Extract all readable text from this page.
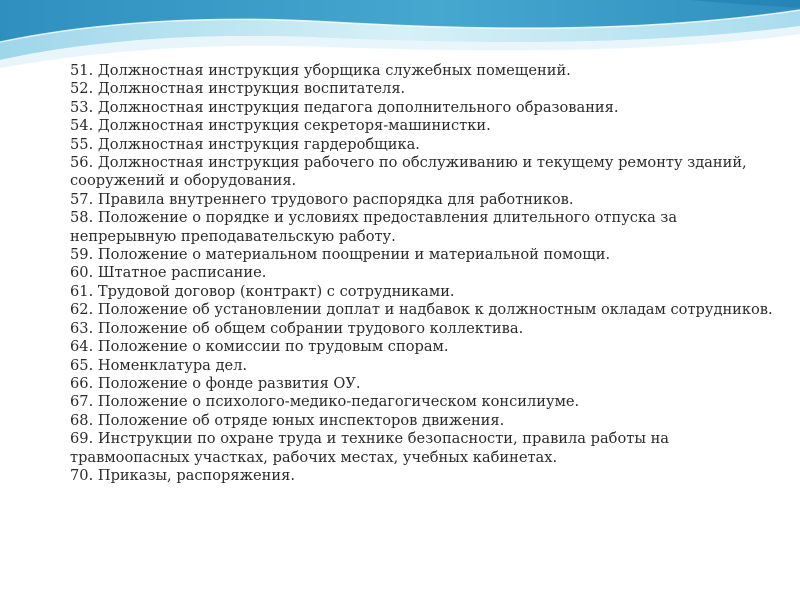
51. Должностная инструкция уборщика служебных помещений.
52. Должностная инструкция воспитателя.
53. Должностная инструкция педагога дополнительного образования.
54. Должностная инструкция секреторя-машинистки.
55. Должностная инструкция гардеробщика.
56. Должностная инструкция рабочего по обслуживанию и текущему ремонту зданий, сооружений и оборудования.
57. Правила внутреннего трудового распорядка для работников.
58. Положение о порядке и условиях предоставления длительного отпуска за непрерывную преподавательскую работу.
59. Положение о материальном поощрении и материальной помощи.
60. Штатное расписание.
61. Трудовой договор (контракт) с сотрудниками.
62. Положение об установлении доплат и надбавок к должностным окладам сотрудников.
63. Положение об общем собрании трудового коллектива.
64. Положение о комиссии по трудовым спорам.
65. Номенклатура дел.
66. Положение о фонде развития ОУ.
67. Положение о психолого-медико-педагогическом консилиуме.
68. Положение об отряде юных инспекторов движения.
69. Инструкции по охране труда и технике безопасности, правила работы на травмоопасных участках, рабочих местах, учебных кабинетах.
70. Приказы, распоряжения.
